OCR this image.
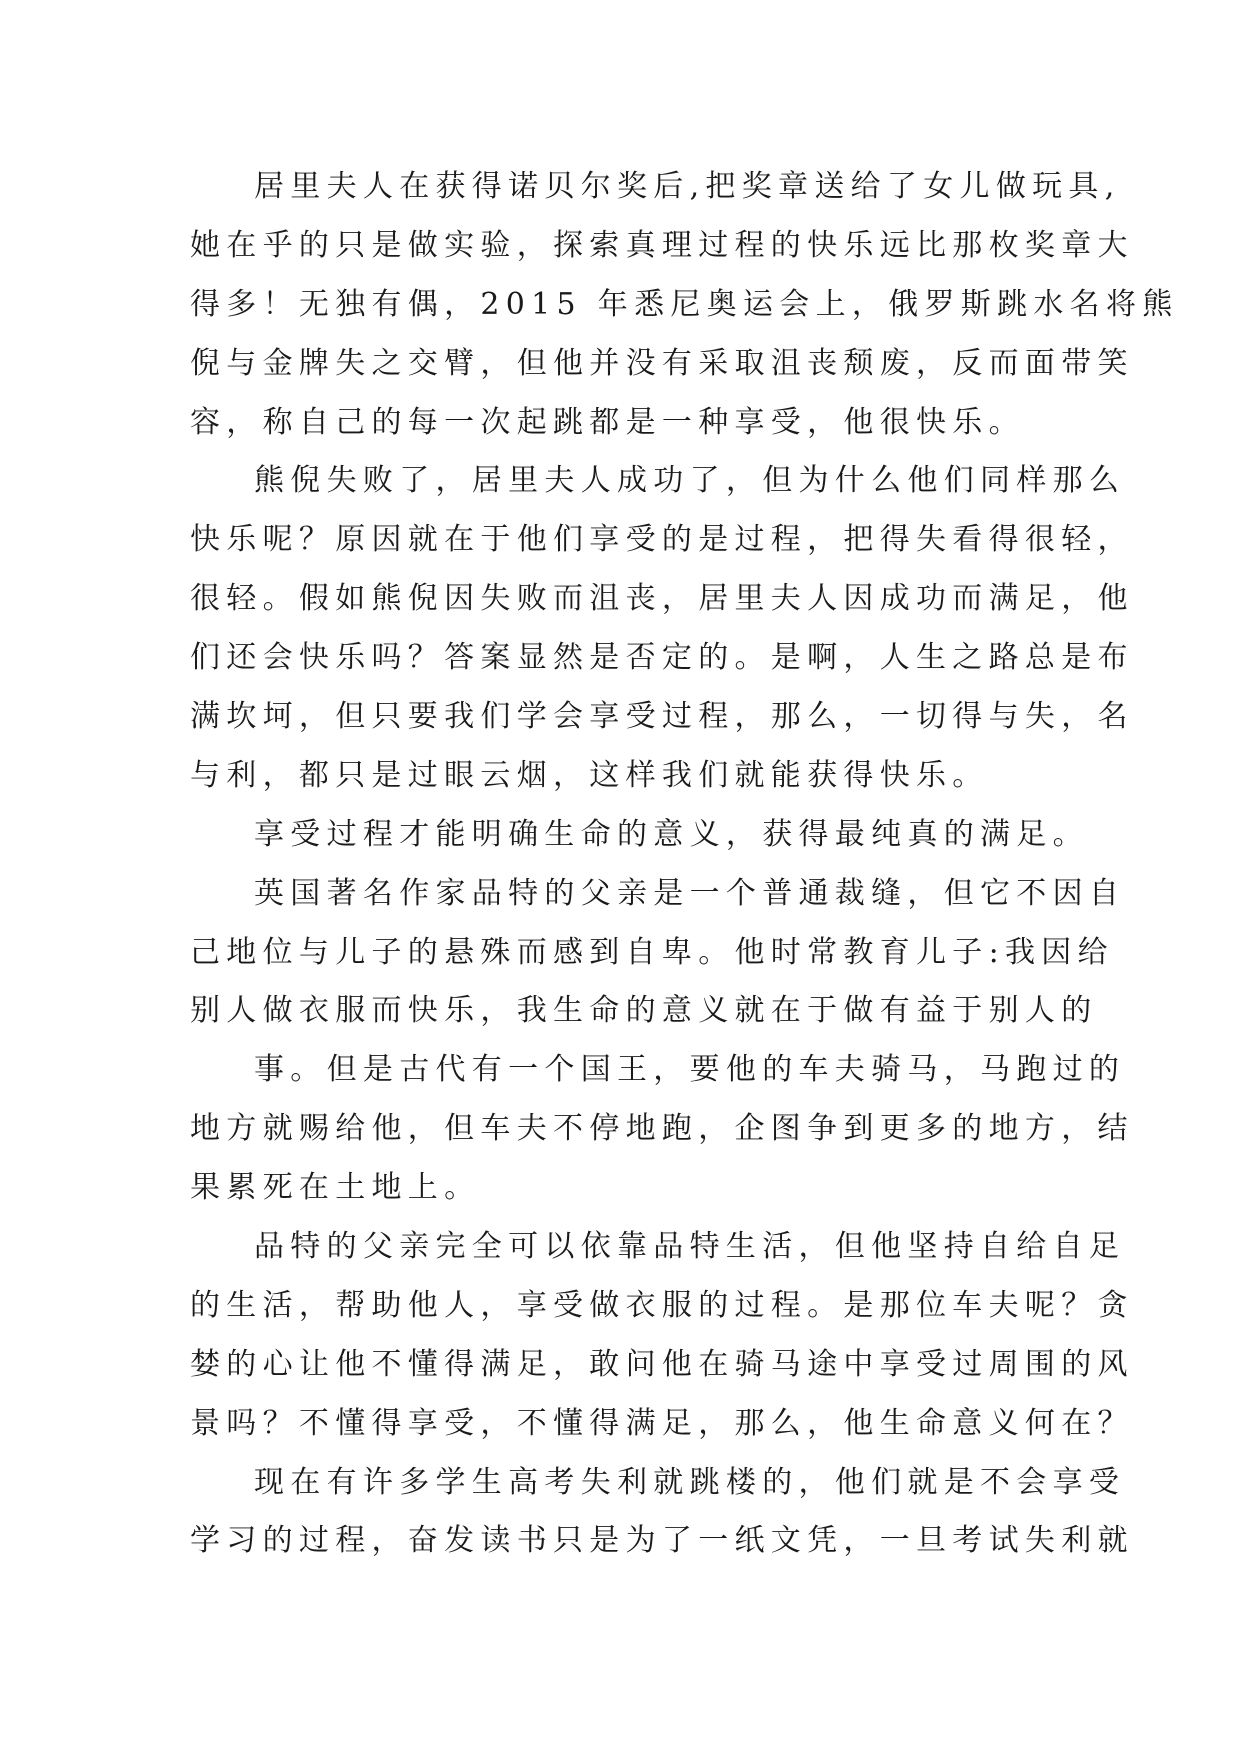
居里夫人在获得诺贝尔奖后,把奖章送给了女儿做玩具,
她在乎的只是做实验，探索真理过程的快乐远比那枚奖章大
得多！无独有偶，2015 年悉尼奥运会上，俄罗斯跳水名将熊
倪与金牌失之交臂，但他并没有采取沮丧颓废，反而面带笑
容，称自己的每一次起跳都是一种享受，他很快乐。
熊倪失败了，居里夫人成功了，但为什么他们同样那么
快乐呢？原因就在于他们享受的是过程，把得失看得很轻，
很轻。假如熊倪因失败而沮丧，居里夫人因成功而满足，他
们还会快乐吗？答案显然是否定的。是啊，人生之路总是布
满坎坷，但只要我们学会享受过程，那么，一切得与失，名
与利，都只是过眼云烟，这样我们就能获得快乐。
享受过程才能明确生命的意义，获得最纯真的满足。
英国著名作家品特的父亲是一个普通裁缝，但它不因自
己地位与儿子的悬殊而感到自卑。他时常教育儿子:我因给
别人做衣服而快乐，我生命的意义就在于做有益于别人的
事。但是古代有一个国王，要他的车夫骑马，马跑过的
地方就赐给他，但车夫不停地跑，企图争到更多的地方，结
果累死在土地上。
品特的父亲完全可以依靠品特生活，但他坚持自给自足
的生活，帮助他人，享受做衣服的过程。是那位车夫呢？贪
婪的心让他不懂得满足，敢问他在骑马途中享受过周围的风
景吗？不懂得享受，不懂得满足，那么，他生命意义何在？
现在有许多学生高考失利就跳楼的，他们就是不会享受
学习的过程，奋发读书只是为了一纸文凭，一旦考试失利就
